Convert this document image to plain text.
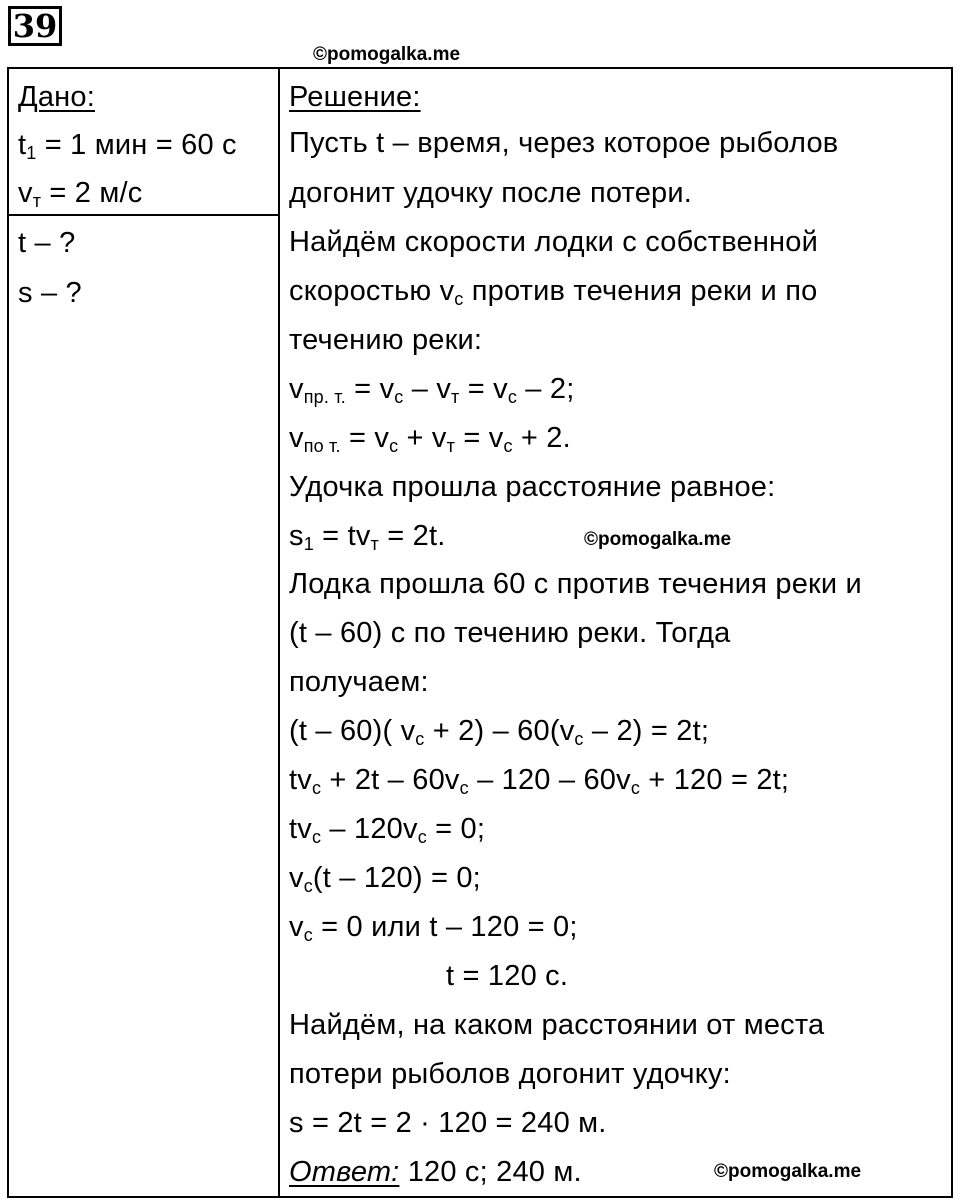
39
©pomogalka.me
Дано:
$t_1 = 1$ мин = 60 с
$v_т = 2$ м/с
t – ?
s – ?
Решение:
Пусть t – время, через которое рыболов
догонит удочку после потери.
Найдём скорости лодки с собственной
скоростью $v_с$ против течения реки и по
течению реки:
$v_{пр. т.} = v_с - v_т = v_с - 2$;
$v_{по т.} = v_с + v_т = v_с + 2$.
Удочка прошла расстояние равное:
$s_1 = tv_т = 2t$.	©pomogalka.me
Лодка прошла 60 с против течения реки и
(t – 60) с по течению реки. Тогда
получаем:
(t – 60)( $v_с + 2) - 60(v_с - 2) = 2t$;
$tv_с + 2t - 60v_с - 120 - 60v_с + 120 = 2t$;
$tv_с - 120v_с = 0$;
$v_с(t - 120) = 0$;
$v_с = 0$ или t – 120 = 0;
t = 120 с.
Найдём, на каком расстоянии от места
потери рыболов догонит удочку:
s = 2t = 2 · 120 = 240 м.
Ответ: 120 с; 240 м.	©pomogalka.me
